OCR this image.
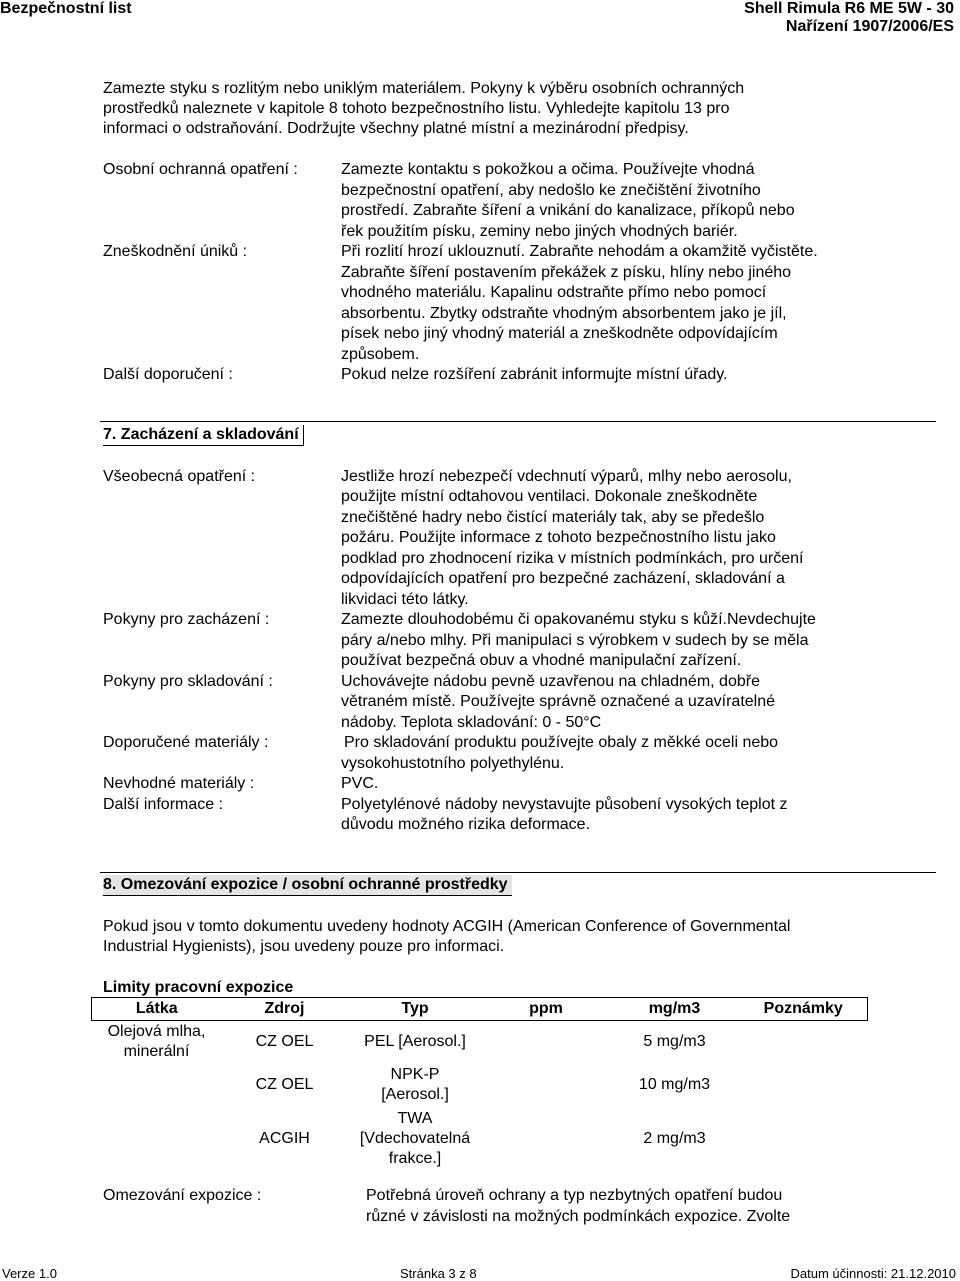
Bezpečnostní list	Shell Rimula R6 ME 5W - 30
Nařízení 1907/2006/ES
Zamezte styku s rozlitým nebo uniklým materiálem. Pokyny k výběru osobních ochranných
prostředků naleznete v kapitole 8 tohoto bezpečnostního listu. Vyhledejte kapitolu 13 pro
informaci o odstraňování. Dodržujte všechny platné místní a mezinárodní předpisy.
Osobní ochranná opatření :	Zamezte kontaktu s pokožkou a očima. Používejte vhodná
bezpečnostní opatření, aby nedošlo ke znečištění životního
prostředí. Zabraňte šíření a vnikání do kanalizace, příkopů nebo
řek použitím písku, zeminy nebo jiných vhodných bariér.
Zneškodnění úniků :	Při rozlití hrozí uklouznutí. Zabraňte nehodám a okamžitě vyčistěte.
Zabraňte šíření postavením překážek z písku, hlíny nebo jiného
vhodného materiálu. Kapalinu odstraňte přímo nebo pomocí
absorbentu. Zbytky odstraňte vhodným absorbentem jako je jíl,
písek nebo jiný vhodný materiál a zneškodněte odpovídajícím
způsobem.
Další doporučení :	Pokud nelze rozšíření zabránit informujte místní úřady.
7. Zacházení a skladování
Všeobecná opatření :	Jestliže hrozí nebezpečí vdechnutí výparů, mlhy nebo aerosolu,
použijte místní odtahovou ventilaci. Dokonale zneškodněte
znečištěné hadry nebo čistící materiály tak, aby se předešlo
požáru. Použijte informace z tohoto bezpečnostního listu jako
podklad pro zhodnocení rizika v místních podmínkách, pro určení
odpovídajících opatření pro bezpečné zacházení, skladování a
likvidaci této látky.
Pokyny pro zacházení :	Zamezte dlouhodobému či opakovanému styku s kůží.Nevdechujte
páry a/nebo mlhy. Při manipulaci s výrobkem v sudech by se měla
používat bezpečná obuv a vhodné manipulační zařízení.
Pokyny pro skladování :	Uchovávejte nádobu pevně uzavřenou na chladném, dobře
větraném místě. Používejte správně označené a uzavíratelné
nádoby. Teplota skladování: 0 - 50°C
Doporučené materiály :	Pro skladování produktu používejte obaly z měkké oceli nebo
vysokohustotního polyethylénu.
Nevhodné materiály :	PVC.
Další informace :	Polyetylénové nádoby nevystavujte působení vysokých teplot z
důvodu možného rizika deformace.
8. Omezování expozice / osobní ochranné prostředky
Pokud jsou v tomto dokumentu uvedeny hodnoty ACGIH (American Conference of Governmental
Industrial Hygienists), jsou uvedeny pouze pro informaci.
Limity pracovní expozice
Látka	Zdroj	Typ	ppm	mg/m3	Poznámky

Olejová mlha,
minerální	CZ OEL	PEL [Aerosol.]		5 mg/m3	
	CZ OEL	NPK-P
[Aerosol.]		10 mg/m3	
	ACGIH	TWA
[Vdechovatelná
frakce.]		2 mg/m3	
Omezování expozice :	Potřebná úroveň ochrany a typ nezbytných opatření budou
různé v závislosti na možných podmínkách expozice. Zvolte
Verze 1.0	Stránka 3 z 8	Datum účinnosti: 21.12.2010
